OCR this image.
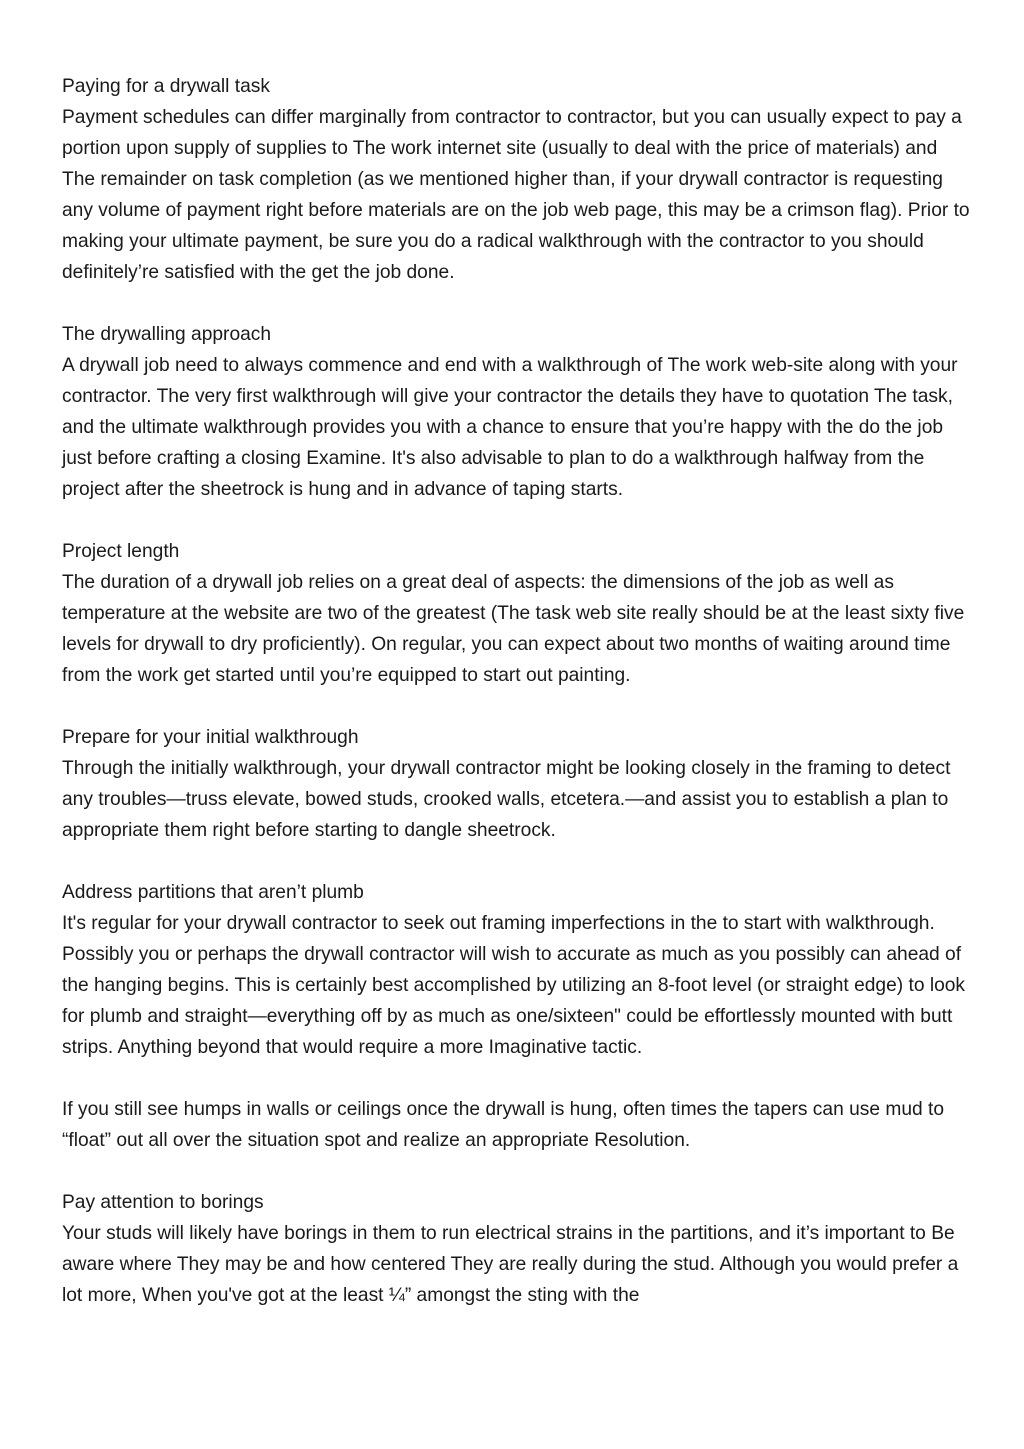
Paying for a drywall task

Payment schedules can differ marginally from contractor to contractor, but you can usually expect to pay a portion upon supply of supplies to The work internet site (usually to deal with the price of materials) and The remainder on task completion (as we mentioned higher than, if your drywall contractor is requesting any volume of payment right before materials are on the job web page, this may be a crimson flag). Prior to making your ultimate payment, be sure you do a radical walkthrough with the contractor to you should definitely’re satisfied with the get the job done.

The drywalling approach

A drywall job need to always commence and end with a walkthrough of The work web-site along with your contractor. The very first walkthrough will give your contractor the details they have to quotation The task, and the ultimate walkthrough provides you with a chance to ensure that you’re happy with the do the job just before crafting a closing Examine. It's also advisable to plan to do a walkthrough halfway from the project after the sheetrock is hung and in advance of taping starts.

Project length

The duration of a drywall job relies on a great deal of aspects: the dimensions of the job as well as temperature at the website are two of the greatest (The task web site really should be at the least sixty five levels for drywall to dry proficiently). On regular, you can expect about two months of waiting around time from the work get started until you’re equipped to start out painting.

Prepare for your initial walkthrough

Through the initially walkthrough, your drywall contractor might be looking closely in the framing to detect any troubles—truss elevate, bowed studs, crooked walls, etcetera.—and assist you to establish a plan to appropriate them right before starting to dangle sheetrock.

Address partitions that aren’t plumb

It's regular for your drywall contractor to seek out framing imperfections in the to start with walkthrough. Possibly you or perhaps the drywall contractor will wish to accurate as much as you possibly can ahead of the hanging begins. This is certainly best accomplished by utilizing an 8-foot level (or straight edge) to look for plumb and straight—everything off by as much as one/sixteen" could be effortlessly mounted with butt strips. Anything beyond that would require a more Imaginative tactic.

If you still see humps in walls or ceilings once the drywall is hung, often times the tapers can use mud to “float” out all over the situation spot and realize an appropriate Resolution.

Pay attention to borings

Your studs will likely have borings in them to run electrical strains in the partitions, and it’s important to Be aware where They may be and how centered They are really during the stud. Although you would prefer a lot more, When you've got at the least ¼” amongst the sting with the
